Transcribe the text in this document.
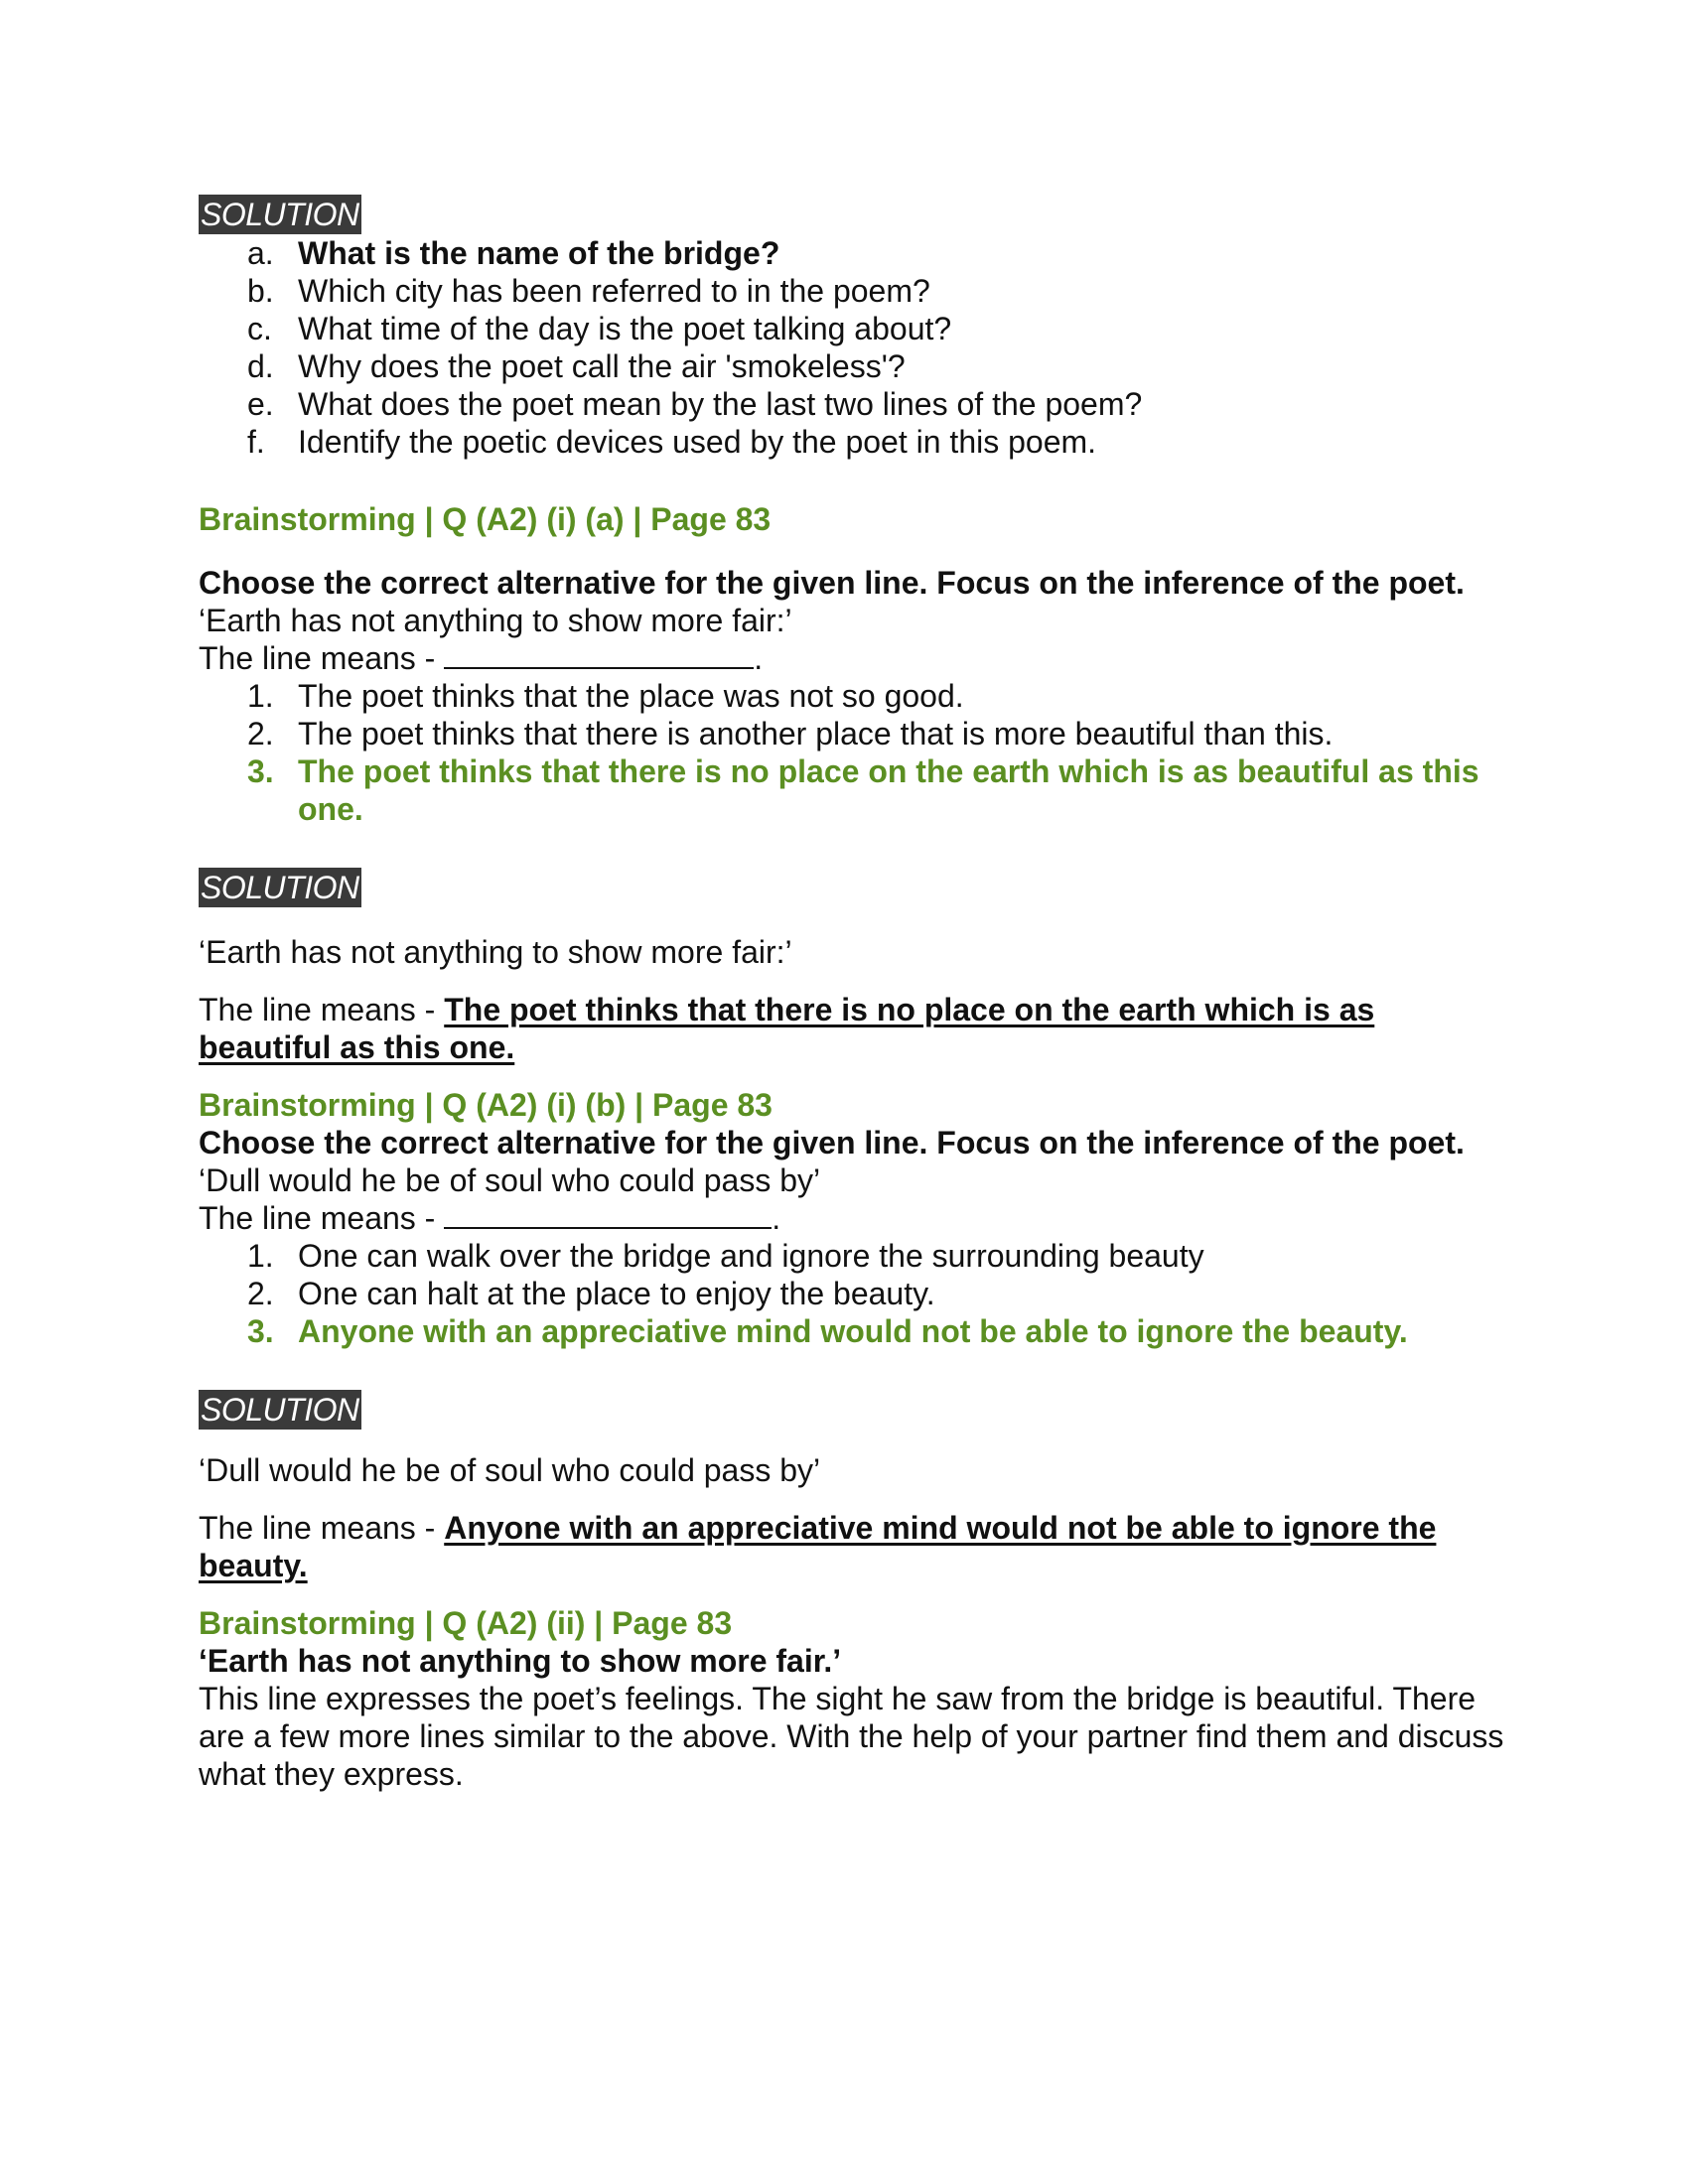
SOLUTION
a. What is the name of the bridge?
b. Which city has been referred to in the poem?
c. What time of the day is the poet talking about?
d. Why does the poet call the air 'smokeless'?
e. What does the poet mean by the last two lines of the poem?
f. Identify the poetic devices used by the poet in this poem.
Brainstorming | Q (A2) (i) (a) | Page 83
Choose the correct alternative for the given line. Focus on the inference of the poet.
‘Earth has not anything to show more fair:’
The line means -	.
1. The poet thinks that the place was not so good.
2. The poet thinks that there is another place that is more beautiful than this.
3. The poet thinks that there is no place on the earth which is as beautiful as this one.
SOLUTION
‘Earth has not anything to show more fair:’
The line means - The poet thinks that there is no place on the earth which is as beautiful as this one.
Brainstorming | Q (A2) (i) (b) | Page 83
Choose the correct alternative for the given line. Focus on the inference of the poet.
‘Dull would he be of soul who could pass by’
The line means -	.
1. One can walk over the bridge and ignore the surrounding beauty
2. One can halt at the place to enjoy the beauty.
3. Anyone with an appreciative mind would not be able to ignore the beauty.
SOLUTION
‘Dull would he be of soul who could pass by’
The line means - Anyone with an appreciative mind would not be able to ignore the beauty.
Brainstorming | Q (A2) (ii) | Page 83
‘Earth has not anything to show more fair.’
This line expresses the poet’s feelings. The sight he saw from the bridge is beautiful. There are a few more lines similar to the above. With the help of your partner find them and discuss what they express.
